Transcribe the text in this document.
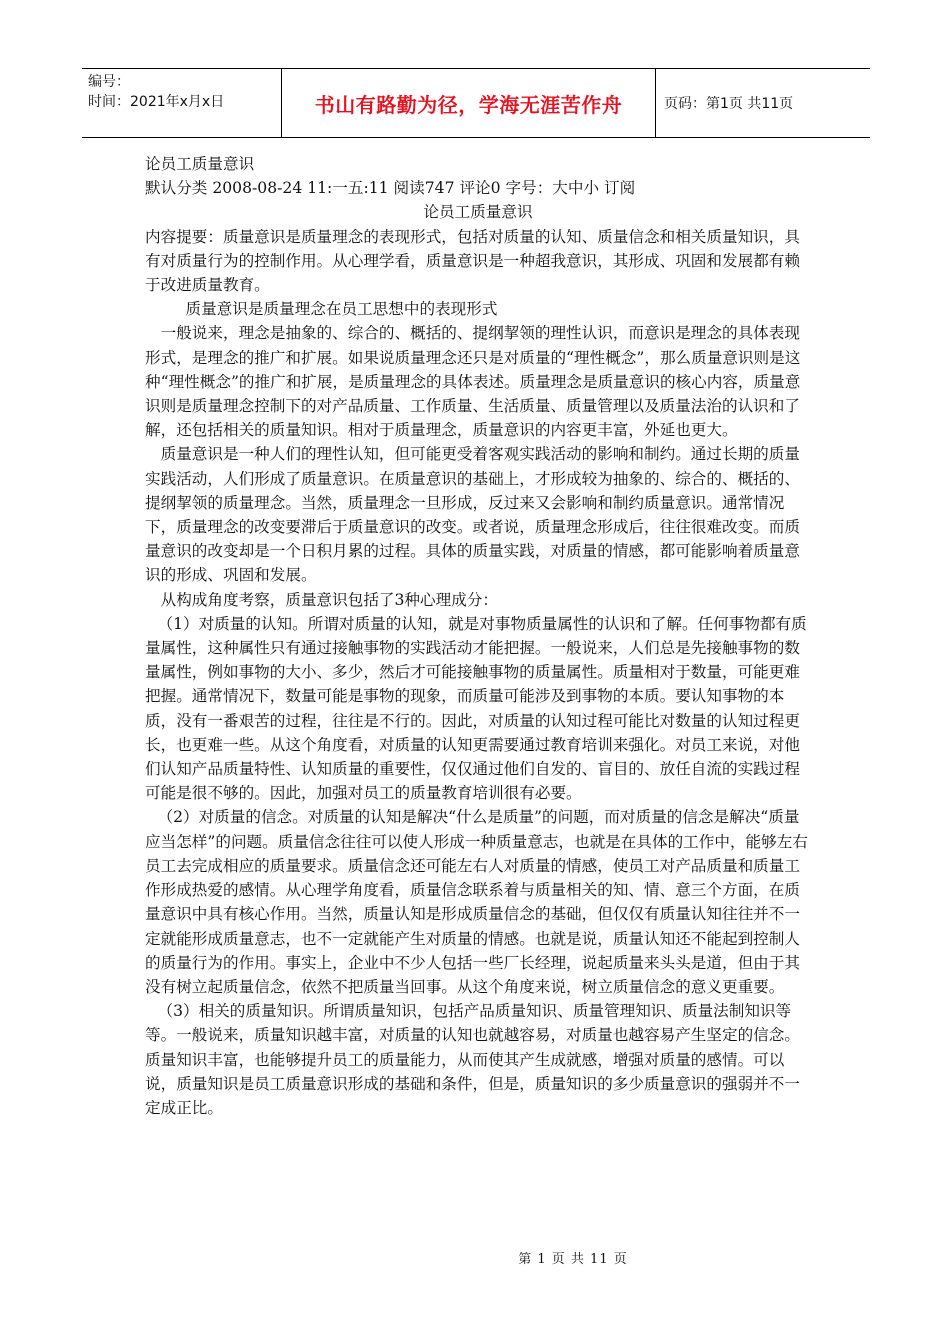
编号：
时间：2021年x月x日	书山有路勤为径，学海无涯苦作舟	页码：第1页 共11页

论员工质量意识

默认分类 2008-08-24 11:一五:11 阅读747 评论0 字号：大中小 订阅

论员工质量意识

内容提要：质量意识是质量理念的表现形式，包括对质量的认知、质量信念和相关质量知识，具有对质量行为的控制作用。从心理学看，质量意识是一种超我意识，其形成、巩固和发展都有赖于改进质量教育。

质量意识是质量理念在员工思想中的表现形式

一般说来，理念是抽象的、综合的、概括的、提纲挈领的理性认识，而意识是理念的具体表现形式，是理念的推广和扩展。如果说质量理念还只是对质量的“理性概念”，那么质量意识则是这种“理性概念”的推广和扩展，是质量理念的具体表述。质量理念是质量意识的核心内容，质量意识则是质量理念控制下的对产品质量、工作质量、生活质量、质量管理以及质量法治的认识和了解，还包括相关的质量知识。相对于质量理念，质量意识的内容更丰富，外延也更大。

质量意识是一种人们的理性认知，但可能更受着客观实践活动的影响和制约。通过长期的质量实践活动，人们形成了质量意识。在质量意识的基础上，才形成较为抽象的、综合的、概括的、提纲挈领的质量理念。当然，质量理念一旦形成，反过来又会影响和制约质量意识。通常情况下，质量理念的改变要滞后于质量意识的改变。或者说，质量理念形成后，往往很难改变。而质量意识的改变却是一个日积月累的过程。具体的质量实践，对质量的情感，都可能影响着质量意识的形成、巩固和发展。

从构成角度考察，质量意识包括了3种心理成分：

（1）对质量的认知。所谓对质量的认知，就是对事物质量属性的认识和了解。任何事物都有质量属性，这种属性只有通过接触事物的实践活动才能把握。一般说来，人们总是先接触事物的数量属性，例如事物的大小、多少，然后才可能接触事物的质量属性。质量相对于数量，可能更难把握。通常情况下，数量可能是事物的现象，而质量可能涉及到事物的本质。要认知事物的本质，没有一番艰苦的过程，往往是不行的。因此，对质量的认知过程可能比对数量的认知过程更长，也更难一些。从这个角度看，对质量的认知更需要通过教育培训来强化。对员工来说，对他们认知产品质量特性、认知质量的重要性，仅仅通过他们自发的、盲目的、放任自流的实践过程可能是很不够的。因此，加强对员工的质量教育培训很有必要。

（2）对质量的信念。对质量的认知是解决“什么是质量”的问题，而对质量的信念是解决“质量应当怎样”的问题。质量信念往往可以使人形成一种质量意志，也就是在具体的工作中，能够左右员工去完成相应的质量要求。质量信念还可能左右人对质量的情感，使员工对产品质量和质量工作形成热爱的感情。从心理学角度看，质量信念联系着与质量相关的知、情、意三个方面，在质量意识中具有核心作用。当然，质量认知是形成质量信念的基础，但仅仅有质量认知往往并不一定就能形成质量意志，也不一定就能产生对质量的情感。也就是说，质量认知还不能起到控制人的质量行为的作用。事实上，企业中不少人包括一些厂长经理，说起质量来头头是道，但由于其没有树立起质量信念，依然不把质量当回事。从这个角度来说，树立质量信念的意义更重要。

（3）相关的质量知识。所谓质量知识，包括产品质量知识、质量管理知识、质量法制知识等等。一般说来，质量知识越丰富，对质量的认知也就越容易，对质量也越容易产生坚定的信念。质量知识丰富，也能够提升员工的质量能力，从而使其产生成就感，增强对质量的感情。可以说，质量知识是员工质量意识形成的基础和条件，但是，质量知识的多少质量意识的强弱并不一定成正比。

第 1 页 共 11 页
